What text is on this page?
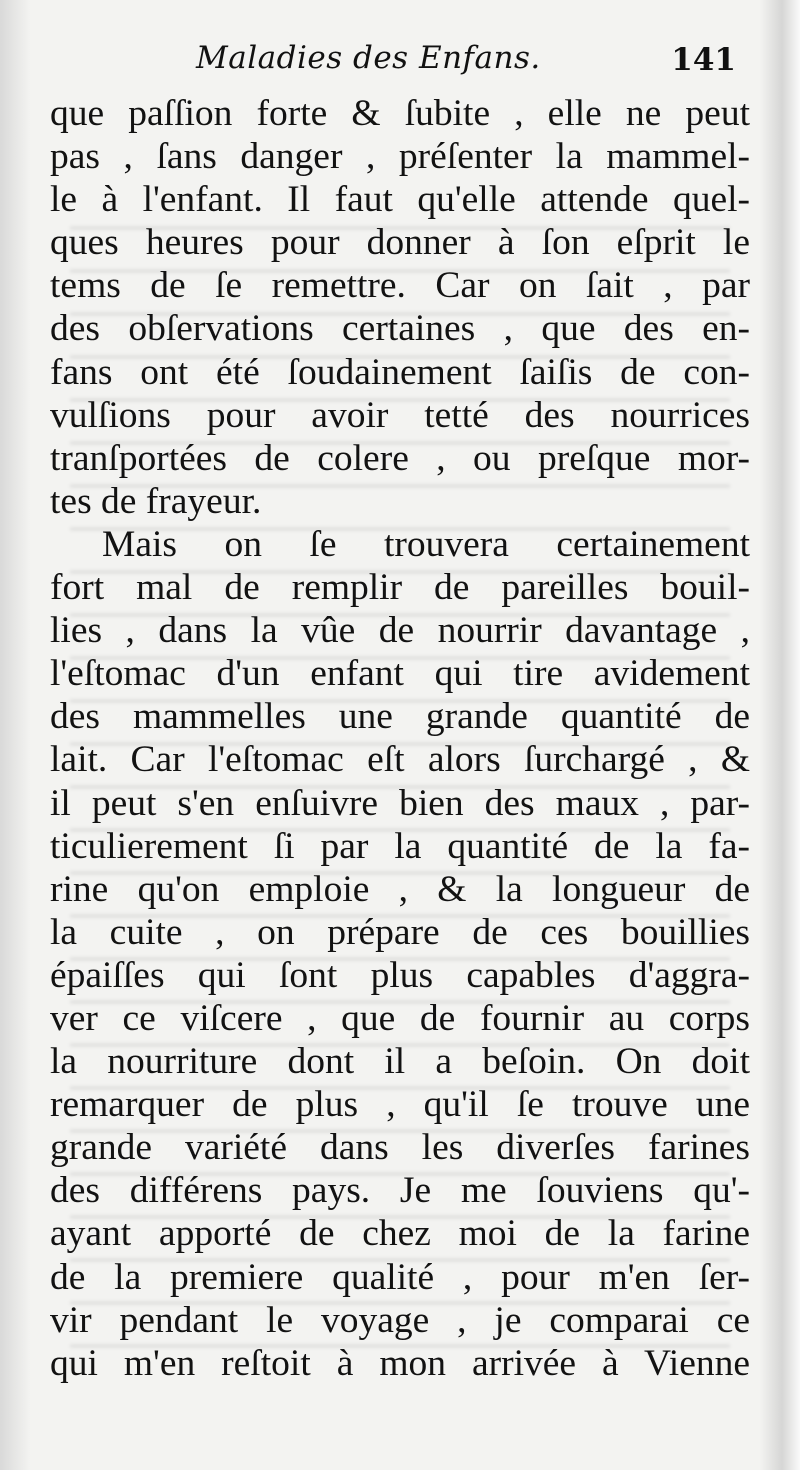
Maladies des Enfans.	141
que paſſion forte & ſubite , elle ne peut
pas , ſans danger , préſenter la mammel-
le à l'enfant. Il faut qu'elle attende quel-
ques heures pour donner à ſon eſprit le
tems de ſe remettre. Car on ſait , par
des obſervations certaines , que des en-
fans ont été ſoudainement ſaiſis de con-
vulſions pour avoir tetté des nourrices
tranſportées de colere , ou preſque mor-
tes de frayeur.
Mais on ſe trouvera certainement
fort mal de remplir de pareilles bouil-
lies , dans la vûe de nourrir davantage ,
l'eſtomac d'un enfant qui tire avidement
des mammelles une grande quantité de
lait. Car l'eſtomac eſt alors ſurchargé , &
il peut s'en enſuivre bien des maux , par-
ticulierement ſi par la quantité de la fa-
rine qu'on emploie , & la longueur de
la cuite , on prépare de ces bouillies
épaiſſes qui ſont plus capables d'aggra-
ver ce viſcere , que de fournir au corps
la nourriture dont il a beſoin. On doit
remarquer de plus , qu'il ſe trouve une
grande variété dans les diverſes farines
des différens pays. Je me ſouviens qu'-
ayant apporté de chez moi de la farine
de la premiere qualité , pour m'en ſer-
vir pendant le voyage , je comparai ce
qui m'en reſtoit à mon arrivée à Vienne
